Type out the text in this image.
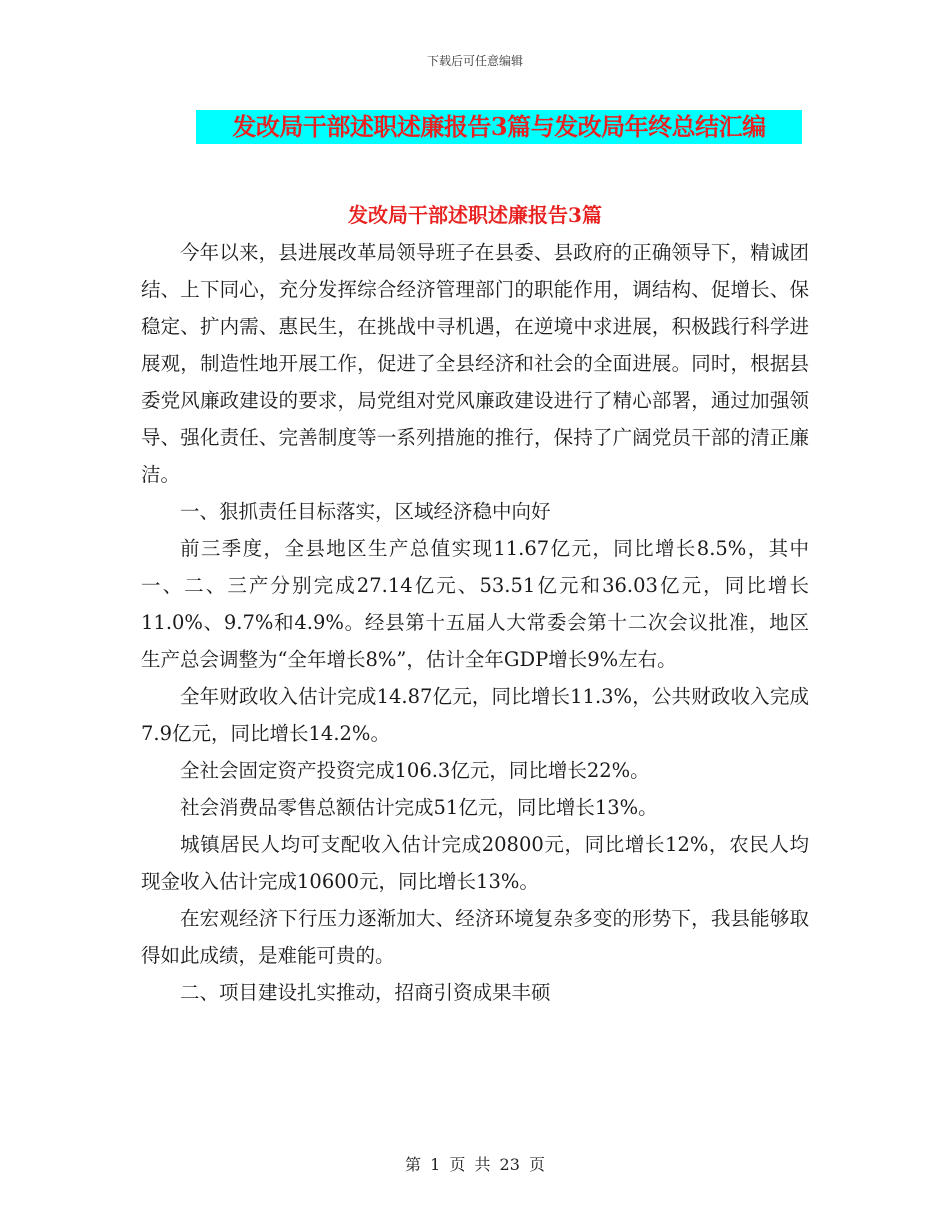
下载后可任意编辑
发改局干部述职述廉报告3篇与发改局年终总结汇编
发改局干部述职述廉报告3篇

今年以来，县进展改革局领导班子在县委、县政府的正确领导下，精诚团结、上下同心，充分发挥综合经济管理部门的职能作用，调结构、促增长、保稳定、扩内需、惠民生，在挑战中寻机遇，在逆境中求进展，积极践行科学进展观，制造性地开展工作，促进了全县经济和社会的全面进展。同时，根据县委党风廉政建设的要求，局党组对党风廉政建设进行了精心部署，通过加强领导、强化责任、完善制度等一系列措施的推行，保持了广阔党员干部的清正廉洁。

一、狠抓责任目标落实，区域经济稳中向好

前三季度，全县地区生产总值实现11.67亿元，同比增长8.5%，其中一、二、三产分别完成27.14亿元、53.51亿元和36.03亿元，同比增长11.0%、9.7%和4.9%。经县第十五届人大常委会第十二次会议批准，地区生产总会调整为“全年增长8%”，估计全年GDP增长9%左右。

全年财政收入估计完成14.87亿元，同比增长11.3%，公共财政收入完成7.9亿元，同比增长14.2%。

全社会固定资产投资完成106.3亿元，同比增长22%。

社会消费品零售总额估计完成51亿元，同比增长13%。

城镇居民人均可支配收入估计完成20800元，同比增长12%，农民人均现金收入估计完成10600元，同比增长13%。

在宏观经济下行压力逐渐加大、经济环境复杂多变的形势下，我县能够取得如此成绩，是难能可贵的。

二、项目建设扎实推动，招商引资成果丰硕

第 1 页 共 23 页
